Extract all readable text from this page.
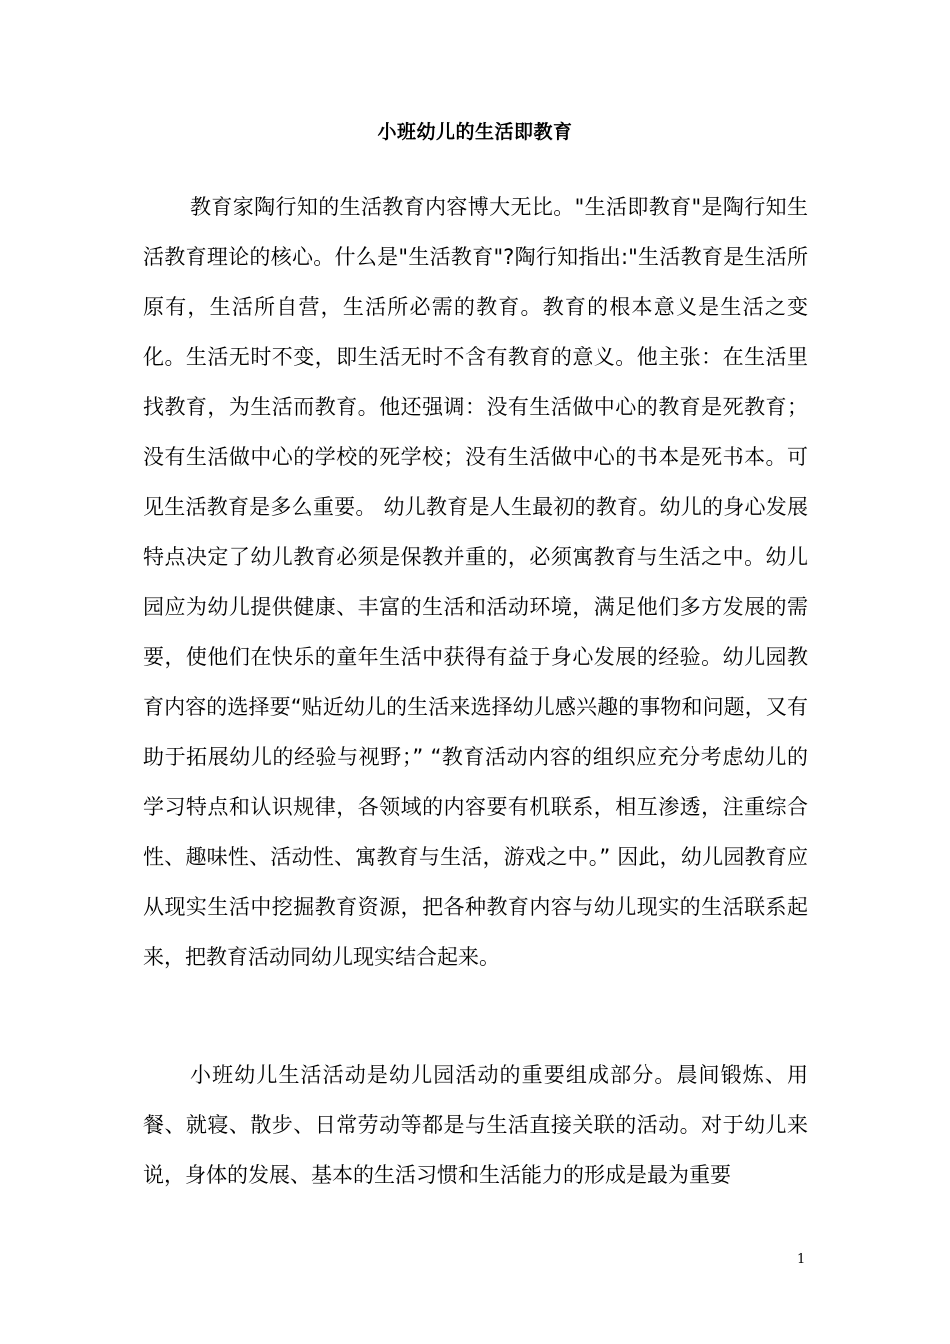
小班幼儿的生活即教育

教育家陶行知的生活教育内容博大无比。"生活即教育"是陶行知生活教育理论的核心。什么是"生活教育"?陶行知指出:"生活教育是生活所原有，生活所自营，生活所必需的教育。教育的根本意义是生活之变化。生活无时不变，即生活无时不含有教育的意义。他主张：在生活里找教育，为生活而教育。他还强调：没有生活做中心的教育是死教育；没有生活做中心的学校的死学校；没有生活做中心的书本是死书本。可见生活教育是多么重要。 幼儿教育是人生最初的教育。幼儿的身心发展特点决定了幼儿教育必须是保教并重的，必须寓教育与生活之中。幼儿园应为幼儿提供健康、丰富的生活和活动环境，满足他们多方发展的需要，使他们在快乐的童年生活中获得有益于身心发展的经验。幼儿园教育内容的选择要“贴近幼儿的生活来选择幼儿感兴趣的事物和问题，又有助于拓展幼儿的经验与视野；” “教育活动内容的组织应充分考虑幼儿的学习特点和认识规律，各领域的内容要有机联系，相互渗透，注重综合性、趣味性、活动性、寓教育与生活，游戏之中。” 因此，幼儿园教育应从现实生活中挖掘教育资源，把各种教育内容与幼儿现实的生活联系起来，把教育活动同幼儿现实结合起来。

小班幼儿生活活动是幼儿园活动的重要组成部分。晨间锻炼、用餐、就寝、散步、日常劳动等都是与生活直接关联的活动。对于幼儿来说，身体的发展、基本的生活习惯和生活能力的形成是最为重要

1
